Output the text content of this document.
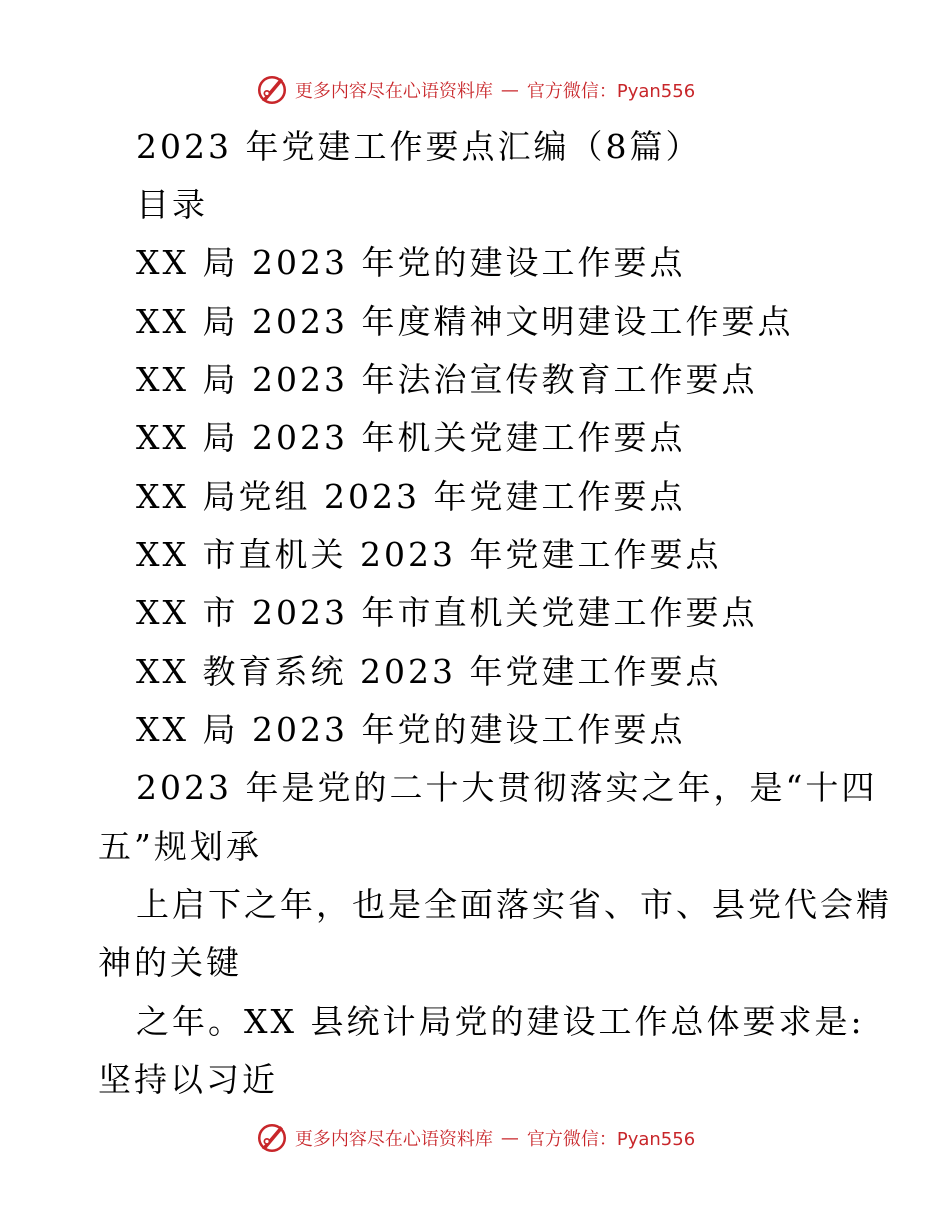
更多内容尽在心语资料库 — 官方微信：Pyan556
2023 年党建工作要点汇编（8篇）
目录
XX 局 2023 年党的建设工作要点
XX 局 2023 年度精神文明建设工作要点
XX 局 2023 年法治宣传教育工作要点
XX 局 2023 年机关党建工作要点
XX 局党组 2023 年党建工作要点
XX 市直机关 2023 年党建工作要点
XX 市 2023 年市直机关党建工作要点
XX 教育系统 2023 年党建工作要点
XX 局 2023 年党的建设工作要点
2023 年是党的二十大贯彻落实之年，是“十四
五”规划承
上启下之年，也是全面落实省、市、县党代会精
神的关键
之年。XX 县统计局党的建设工作总体要求是:
坚持以习近
更多内容尽在心语资料库 — 官方微信：Pyan556
